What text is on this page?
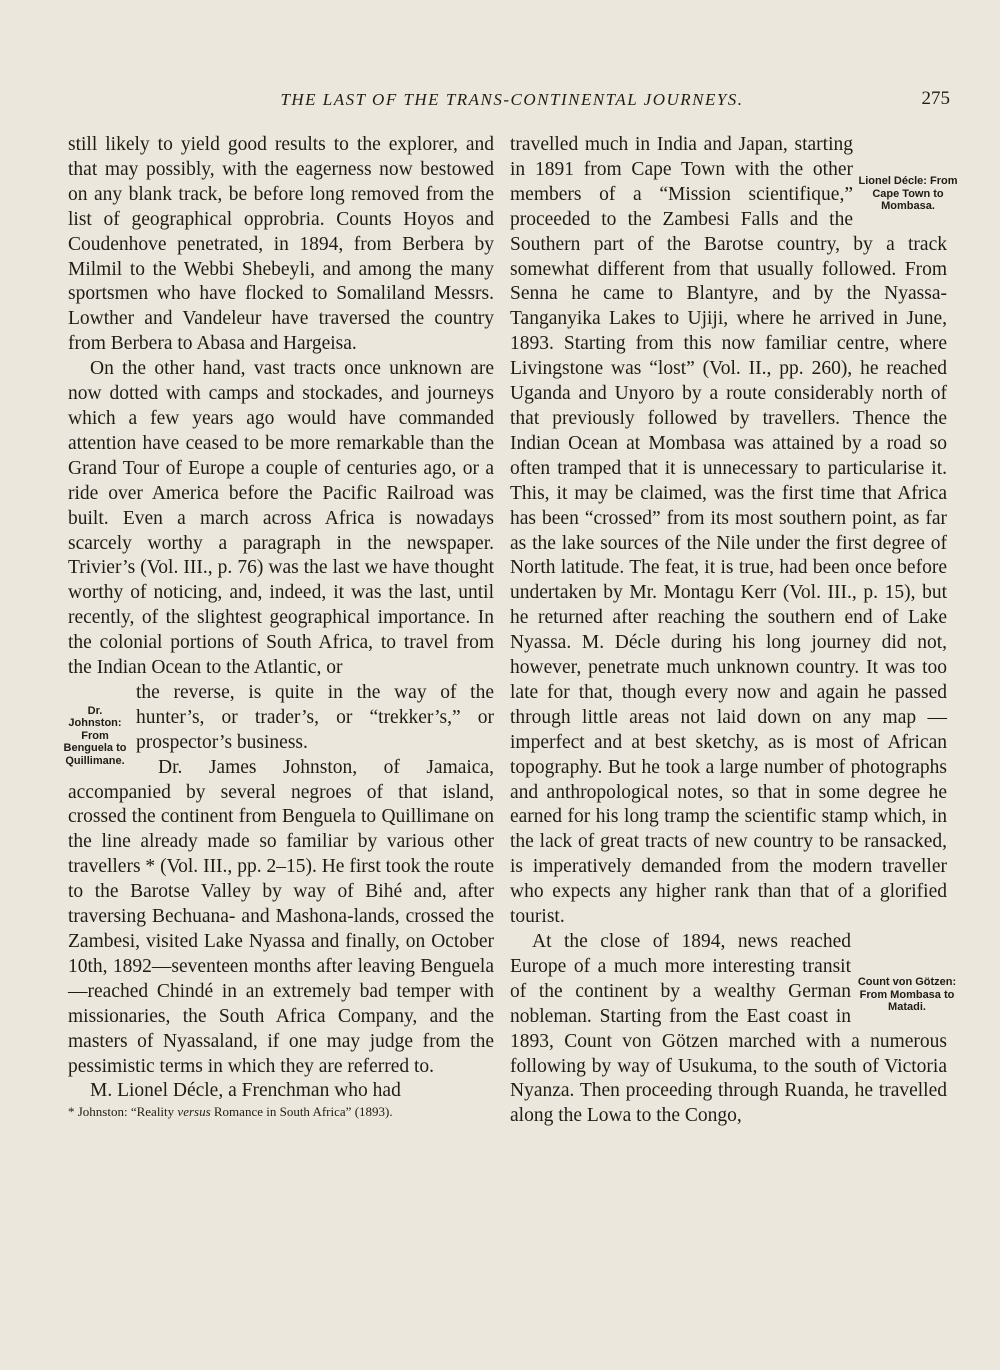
THE LAST OF THE TRANS-CONTINENTAL JOURNEYS.	275

still likely to yield good results to the explorer, and that may possibly, with the eagerness now bestowed on any blank track, be before long removed from the list of geographical opprobria. Counts Hoyos and Coudenhove penetrated, in 1894, from Berbera by Milmil to the Webbi Shebeyli, and among the many sportsmen who have flocked to Somaliland Messrs. Lowther and Vandeleur have traversed the country from Berbera to Abasa and Hargeisa.

On the other hand, vast tracts once unknown are now dotted with camps and stockades, and journeys which a few years ago would have commanded attention have ceased to be more remarkable than the Grand Tour of Europe a couple of centuries ago, or a ride over America before the Pacific Railroad was built. Even a march across Africa is nowadays scarcely worthy a paragraph in the newspaper. Trivier’s (Vol. III., p. 76) was the last we have thought worthy of noticing, and, indeed, it was the last, until recently, of the slightest geographical importance. In the colonial portions of South Africa, to travel from the Indian Ocean to the Atlantic, or

Dr. Johnston: From Benguela to Quillimane.
the reverse, is quite in the way of the hunter’s, or trader’s, or “trekker’s,” or prospector’s business.

Dr. James Johnston, of Jamaica, accompanied by several negroes of that island, crossed the continent from Benguela to Quillimane on the line already made so familiar by various other travellers * (Vol. III., pp. 2–15). He first took the route to the Barotse Valley by way of Bihé and, after traversing Bechuana- and Mashona-lands, crossed the Zambesi, visited Lake Nyassa and finally, on October 10th, 1892—seventeen months after leaving Benguela—reached Chindé in an extremely bad temper with missionaries, the South Africa Company, and the masters of Nyassaland, if one may judge from the pessimistic terms in which they are referred to.

M. Lionel Décle, a Frenchman who had

* Johnston: “Reality versus Romance in South Africa” (1893).

Lionel Décle: From Cape Town to Mombasa.
travelled much in India and Japan, starting in 1891 from Cape Town with the other members of a “Mission scientifique,” proceeded to the Zambesi Falls and the Southern part of the Barotse country, by a track somewhat different from that usually followed. From Senna he came to Blantyre, and by the Nyassa-Tanganyika Lakes to Ujiji, where he arrived in June, 1893. Starting from this now familiar centre, where Livingstone was “lost” (Vol. II., pp. 260), he reached Uganda and Unyoro by a route considerably north of that previously followed by travellers. Thence the Indian Ocean at Mombasa was attained by a road so often tramped that it is unnecessary to particularise it. This, it may be claimed, was the first time that Africa has been “crossed” from its most southern point, as far as the lake sources of the Nile under the first degree of North latitude. The feat, it is true, had been once before undertaken by Mr. Montagu Kerr (Vol. III., p. 15), but he returned after reaching the southern end of Lake Nyassa. M. Décle during his long journey did not, however, penetrate much unknown country. It was too late for that, though every now and again he passed through little areas not laid down on any map —imperfect and at best sketchy, as is most of African topography. But he took a large number of photographs and anthropological notes, so that in some degree he earned for his long tramp the scientific stamp which, in the lack of great tracts of new country to be ransacked, is imperatively demanded from the modern traveller who expects any higher rank than that of a glorified tourist.

Count von Götzen: From Mombasa to Matadi.
At the close of 1894, news reached Europe of a much more interesting transit of the continent by a wealthy German nobleman. Starting from the East coast in 1893, Count von Götzen marched with a numerous following by way of Usukuma, to the south of Victoria Nyanza. Then proceeding through Ruanda, he travelled along the Lowa to the Congo,
